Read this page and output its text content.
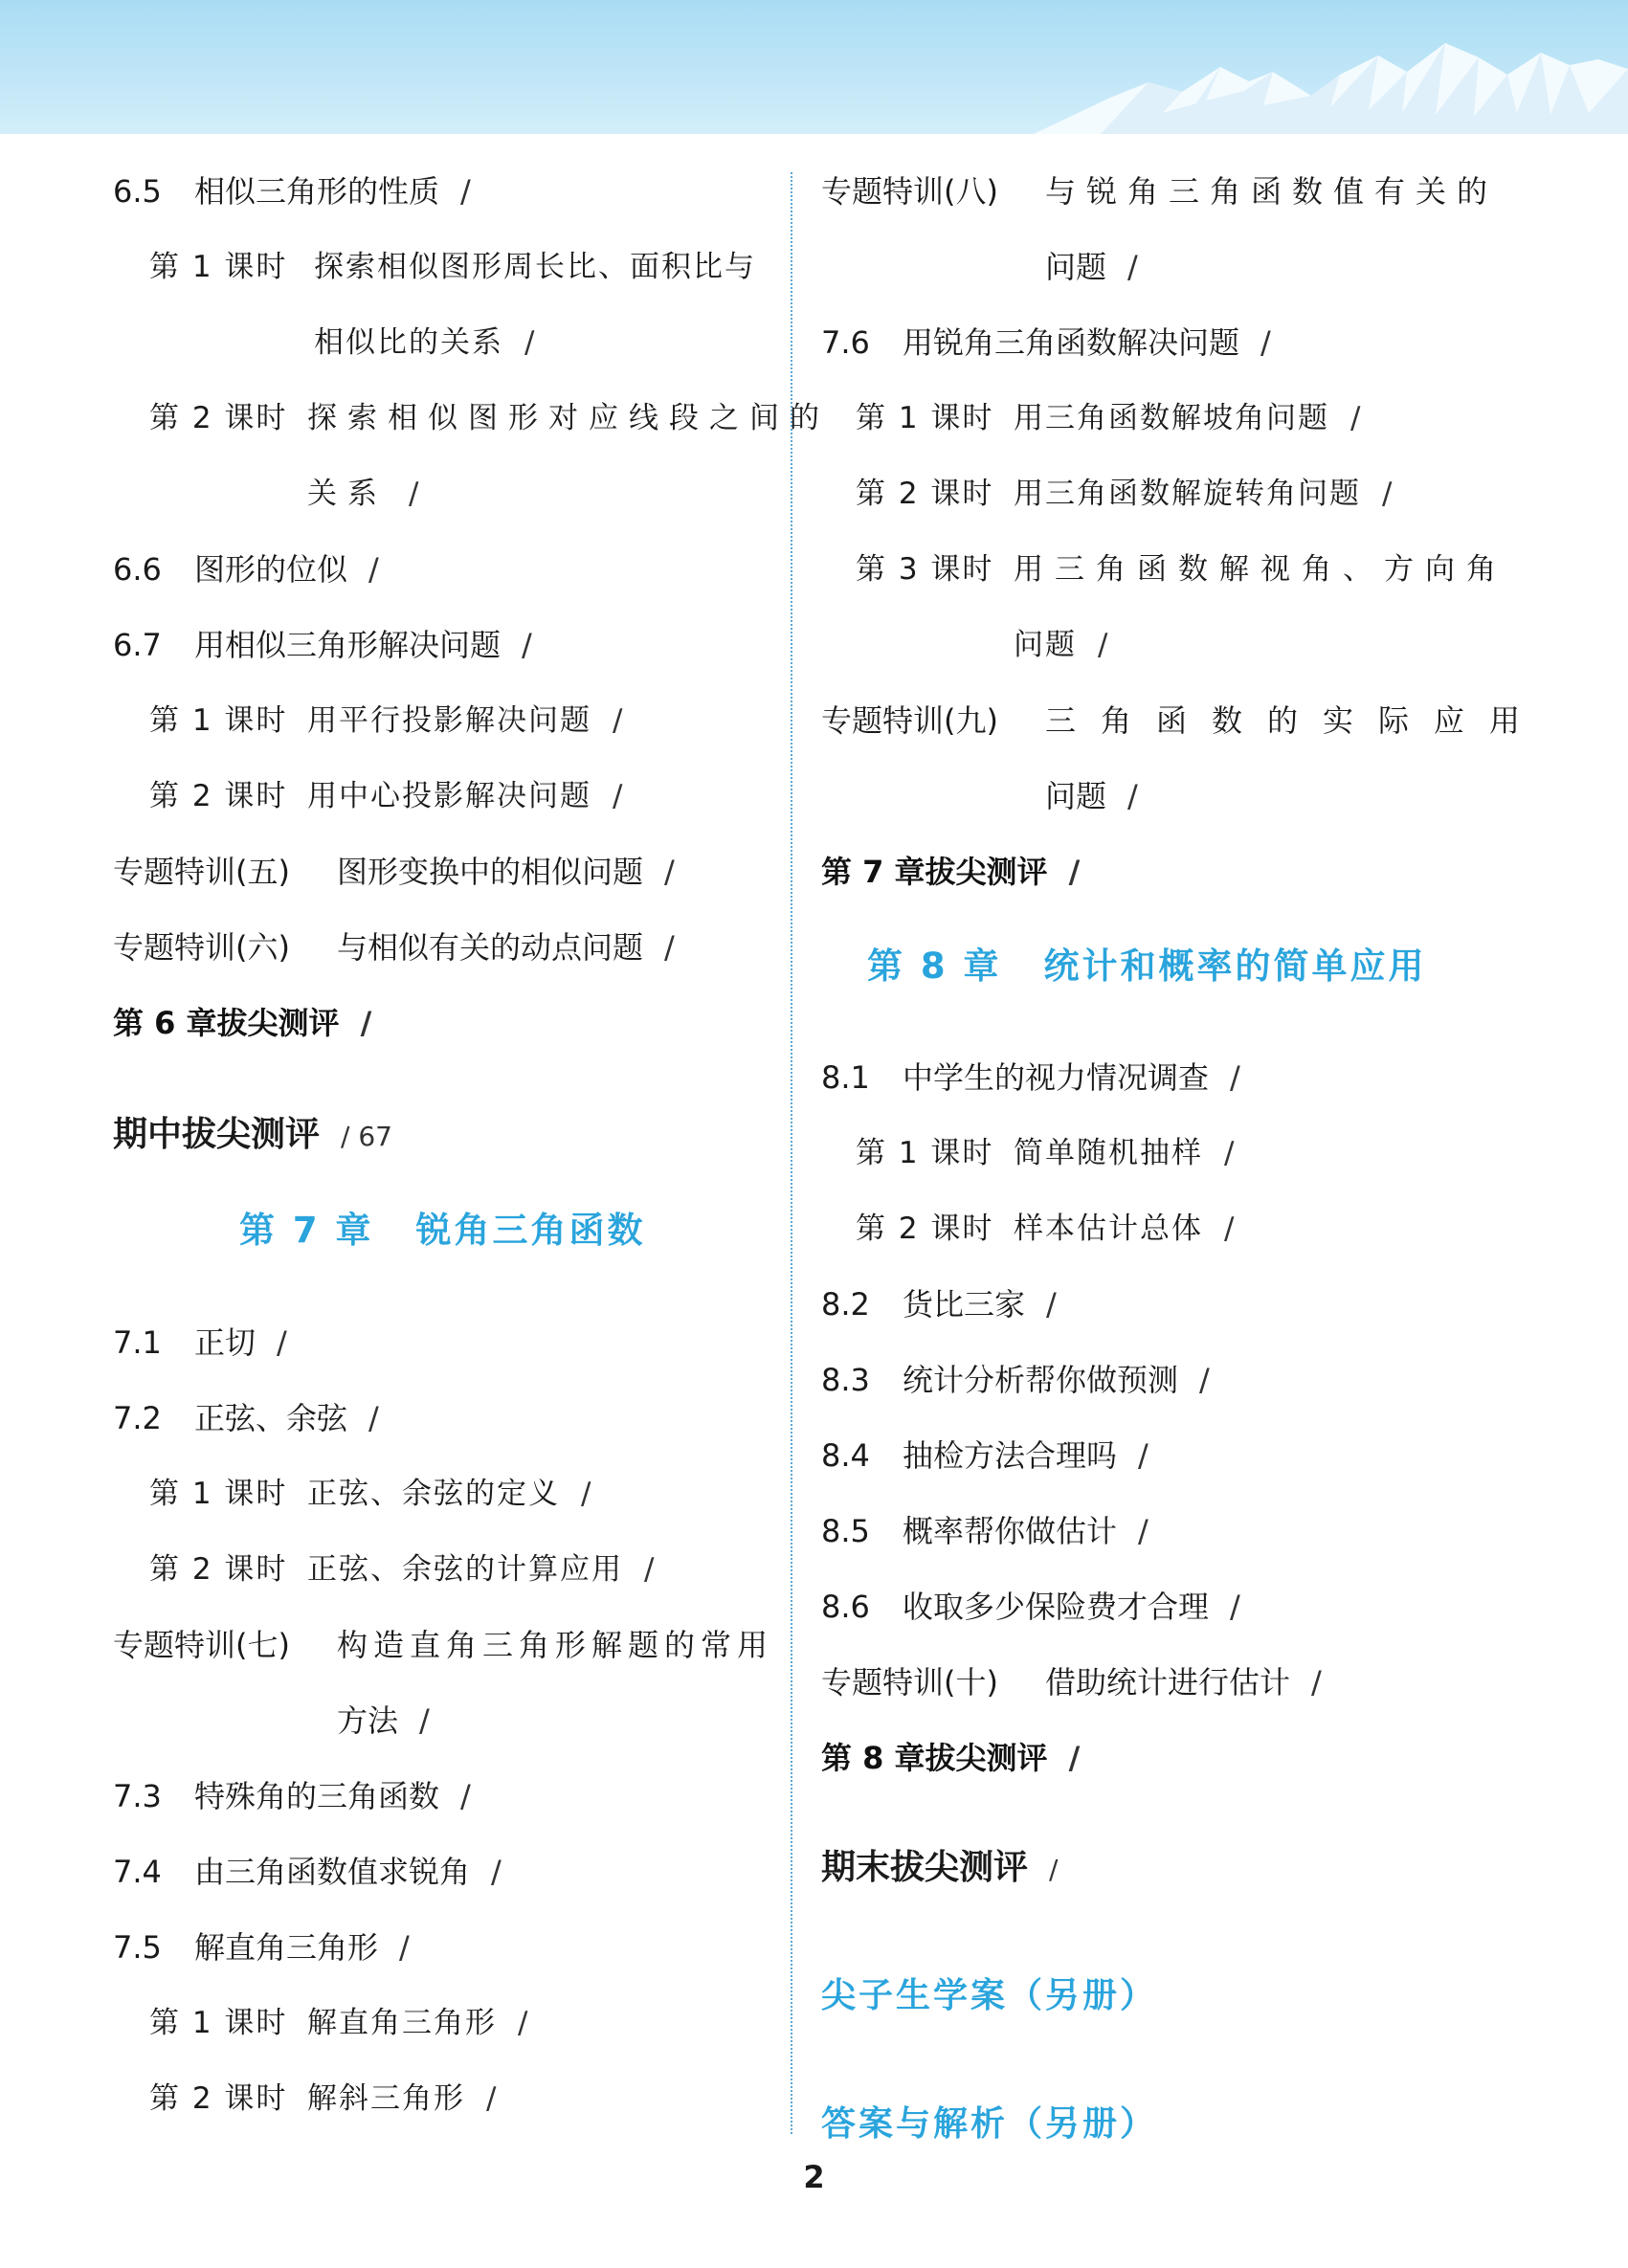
6.5 相似三角形的性质 /
第 1 课时 探索相似图形周长比、面积比与
相似比的关系 /
第 2 课时 探索相似图形对应线段之间的
关系 /
6.6 图形的位似 /
6.7 用相似三角形解决问题 /
第 1 课时 用平行投影解决问题 /
第 2 课时 用中心投影解决问题 /
专题特训(五) 图形变换中的相似问题 /
专题特训(六) 与相似有关的动点问题 /
第 6 章拔尖测评 /
期中拔尖测评 / 67
第 7 章 锐角三角函数
7.1 正切 /
7.2 正弦、余弦 /
第 1 课时 正弦、余弦的定义 /
第 2 课时 正弦、余弦的计算应用 /
专题特训(七) 构造直角三角形解题的常用
方法 /
7.3 特殊角的三角函数 /
7.4 由三角函数值求锐角 /
7.5 解直角三角形 /
第 1 课时 解直角三角形 /
第 2 课时 解斜三角形 /
专题特训(八) 与锐角三角函数值有关的
问题 /
7.6 用锐角三角函数解决问题 /
第 1 课时 用三角函数解坡角问题 /
第 2 课时 用三角函数解旋转角问题 /
第 3 课时 用三角函数解视角、方向角
问题 /
专题特训(九) 三角函数的实际应用
问题 /
第 7 章拔尖测评 /
第 8 章 统计和概率的简单应用
8.1 中学生的视力情况调查 /
第 1 课时 简单随机抽样 /
第 2 课时 样本估计总体 /
8.2 货比三家 /
8.3 统计分析帮你做预测 /
8.4 抽检方法合理吗 /
8.5 概率帮你做估计 /
8.6 收取多少保险费才合理 /
专题特训(十) 借助统计进行估计 /
第 8 章拔尖测评 /
期末拔尖测评 /
尖子生学案（另册）
答案与解析（另册）
2
